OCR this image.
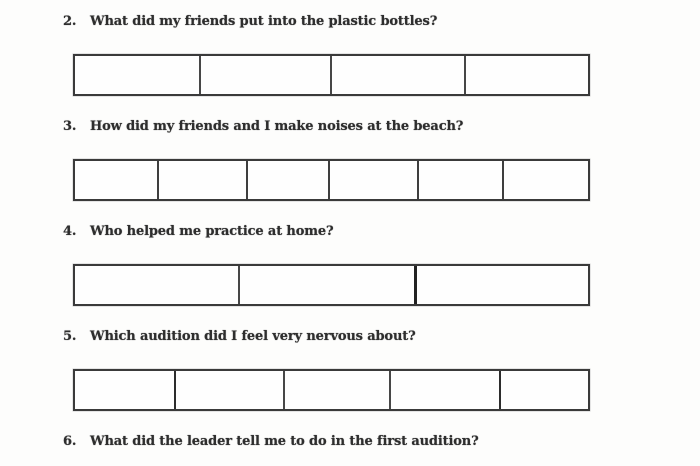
2. What did my friends put into the plastic bottles?
3. How did my friends and I make noises at the beach?
4. Who helped me practice at home?
5. Which audition did I feel very nervous about?
6. What did the leader tell me to do in the first audition?
